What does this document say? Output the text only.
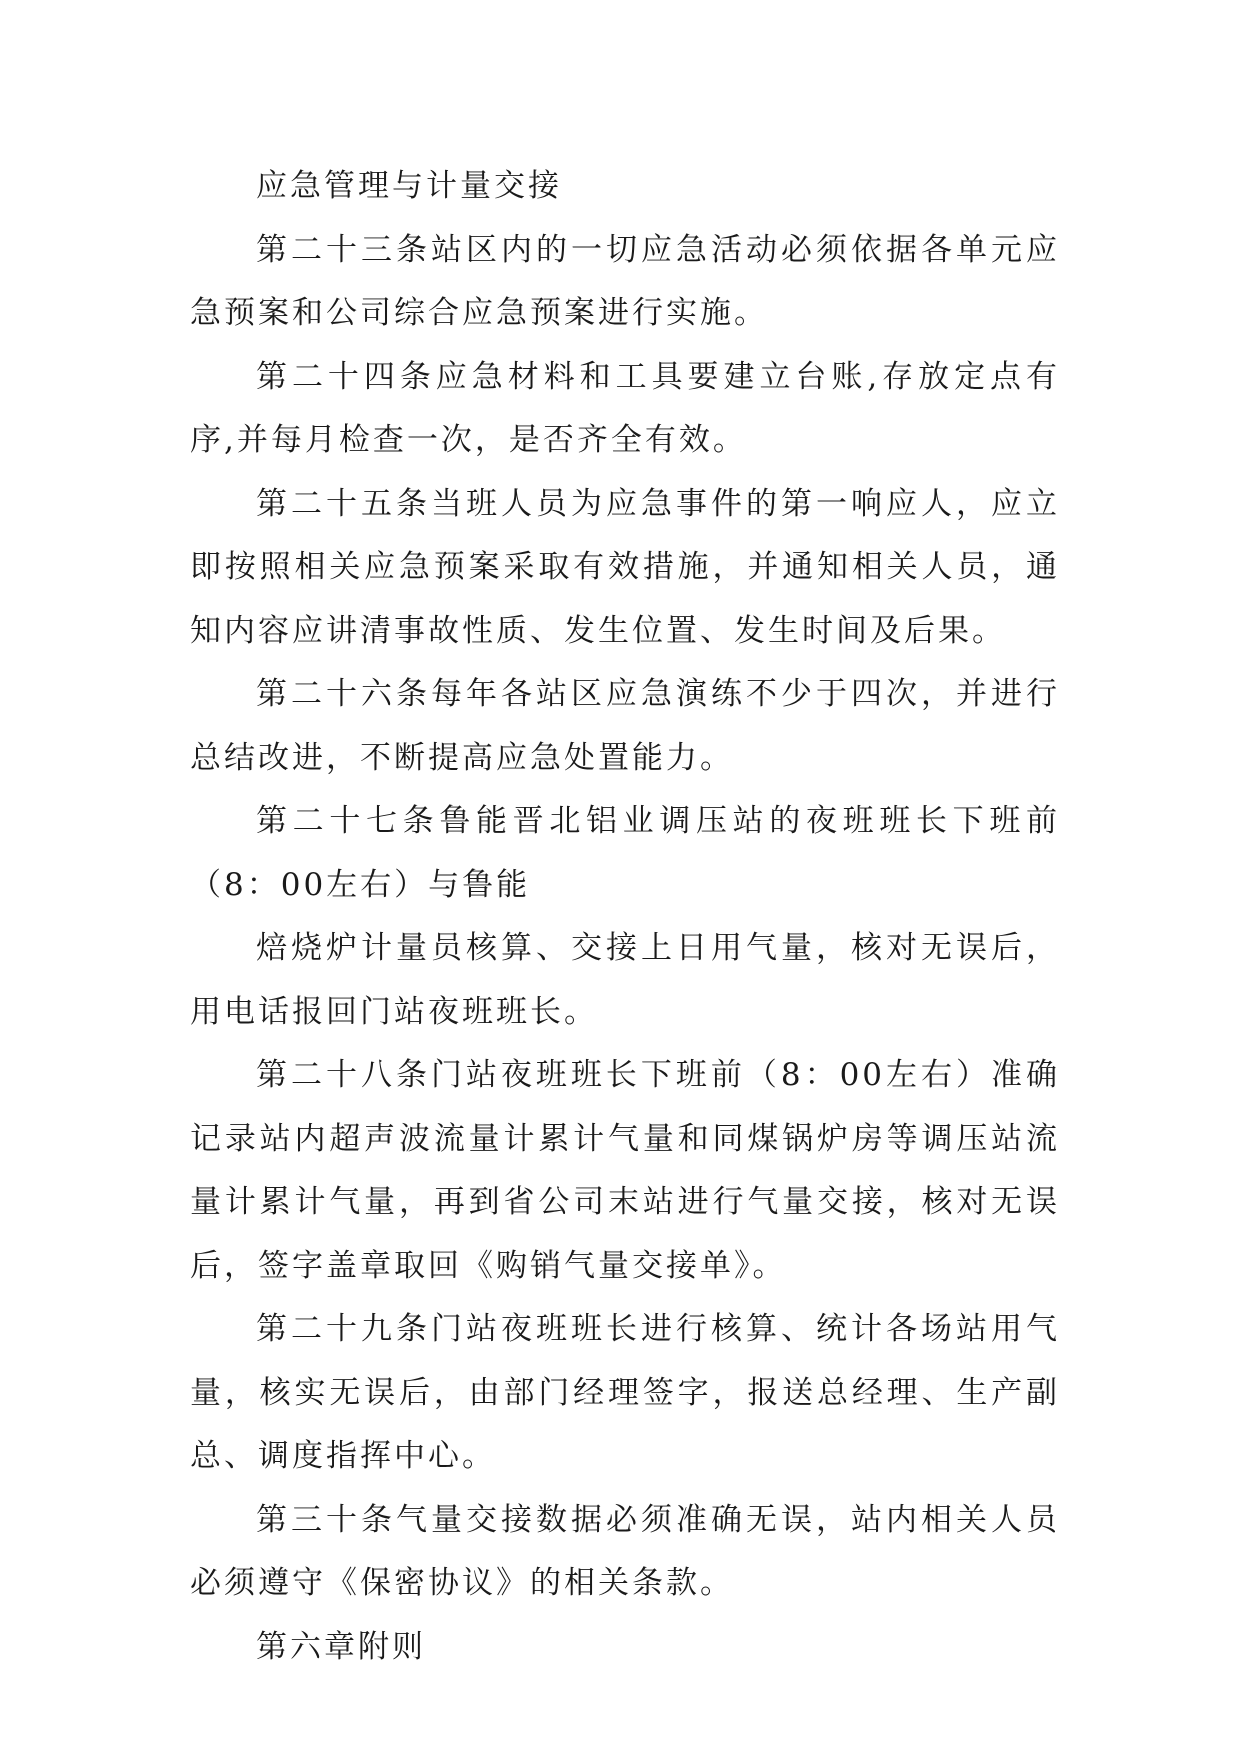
应急管理与计量交接

第二十三条站区内的一切应急活动必须依据各单元应急预案和公司综合应急预案进行实施。

第二十四条应急材料和工具要建立台账,存放定点有序,并每月检查一次，是否齐全有效。

第二十五条当班人员为应急事件的第一响应人，应立即按照相关应急预案采取有效措施，并通知相关人员，通知内容应讲清事故性质、发生位置、发生时间及后果。

第二十六条每年各站区应急演练不少于四次，并进行总结改进，不断提高应急处置能力。

第二十七条鲁能晋北铝业调压站的夜班班长下班前（8：00左右）与鲁能

焙烧炉计量员核算、交接上日用气量，核对无误后，用电话报回门站夜班班长。

第二十八条门站夜班班长下班前（8：00左右）准确记录站内超声波流量计累计气量和同煤锅炉房等调压站流量计累计气量，再到省公司末站进行气量交接，核对无误后，签字盖章取回《购销气量交接单》。

第二十九条门站夜班班长进行核算、统计各场站用气量，核实无误后，由部门经理签字，报送总经理、生产副总、调度指挥中心。

第三十条气量交接数据必须准确无误，站内相关人员必须遵守《保密协议》的相关条款。

第六章附则
